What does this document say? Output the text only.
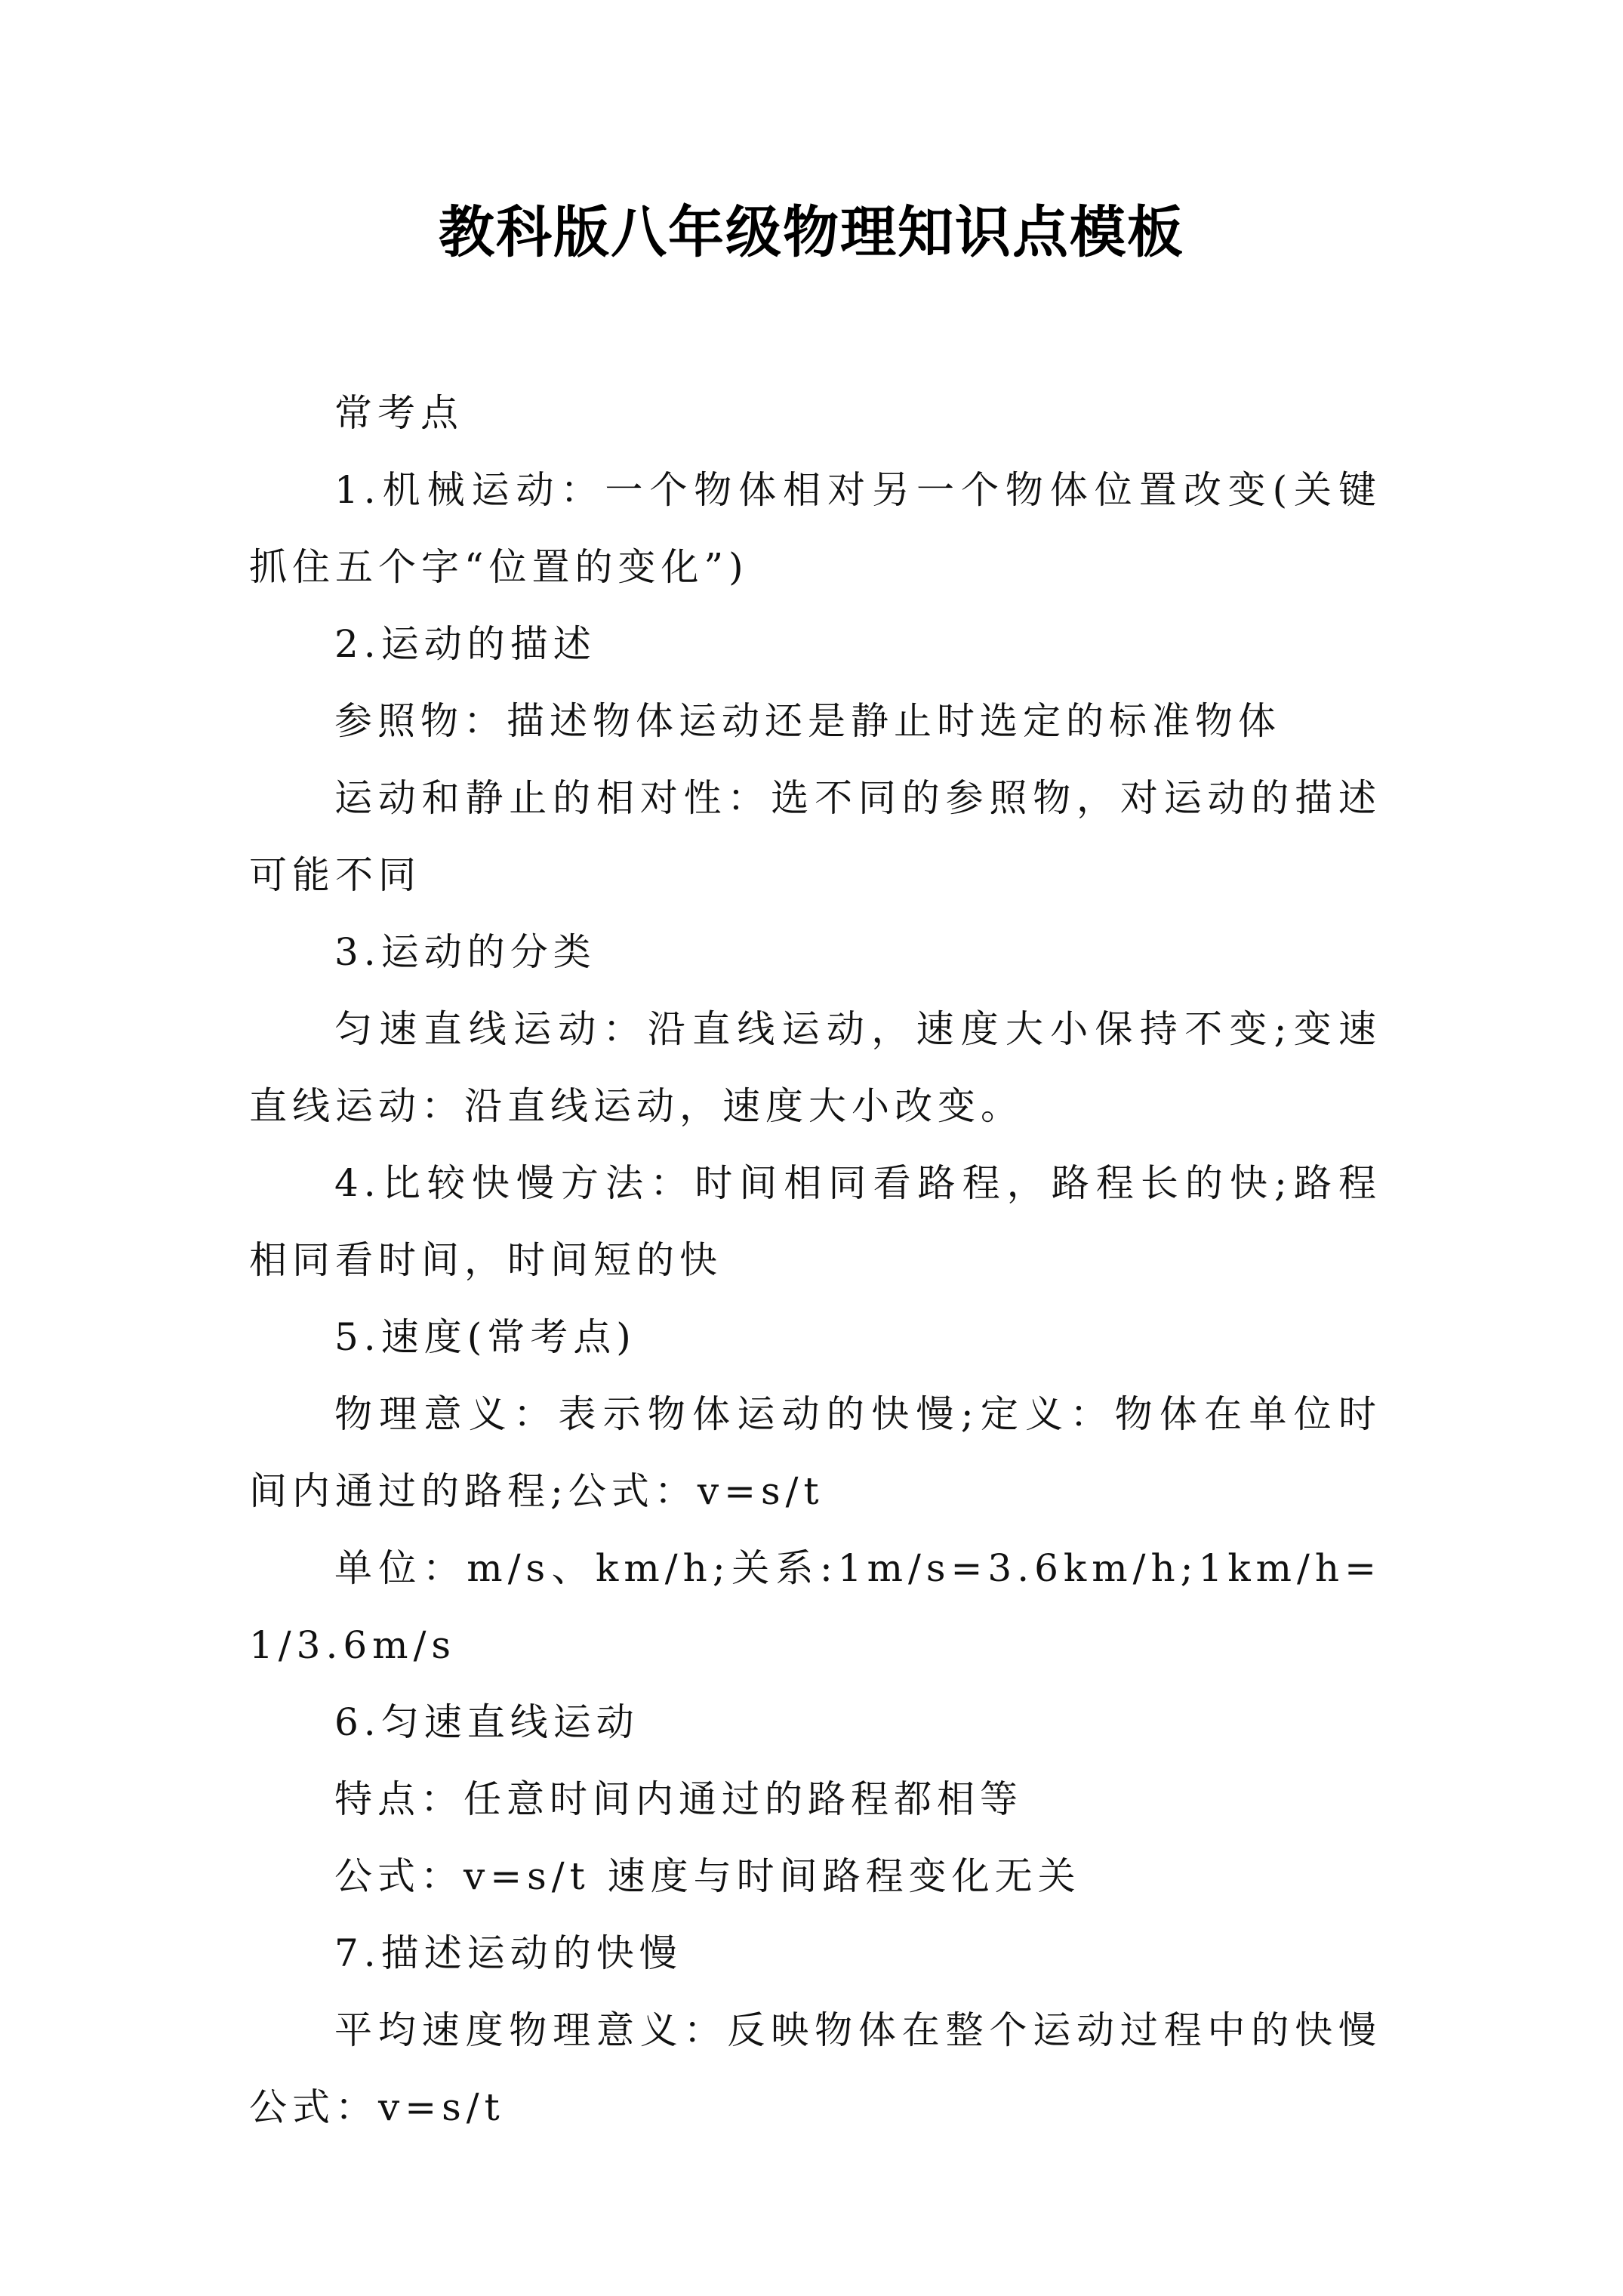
教科版八年级物理知识点模板

常考点

1.机械运动：一个物体相对另一个物体位置改变(关键抓住五个字“位置的变化”)

2.运动的描述

参照物：描述物体运动还是静止时选定的标准物体

运动和静止的相对性：选不同的参照物，对运动的描述可能不同

3.运动的分类

匀速直线运动：沿直线运动，速度大小保持不变;变速直线运动：沿直线运动，速度大小改变。

4.比较快慢方法：时间相同看路程，路程长的快;路程相同看时间，时间短的快

5.速度(常考点)

物理意义：表示物体运动的快慢;定义：物体在单位时间内通过的路程;公式：v=s/t

单位：m/s、km/h;关系:1m/s=3.6km/h;1km/h=1/3.6m/s

6.匀速直线运动

特点：任意时间内通过的路程都相等

公式：v=s/t 速度与时间路程变化无关

7.描述运动的快慢

平均速度物理意义：反映物体在整个运动过程中的快慢公式：v=s/t
